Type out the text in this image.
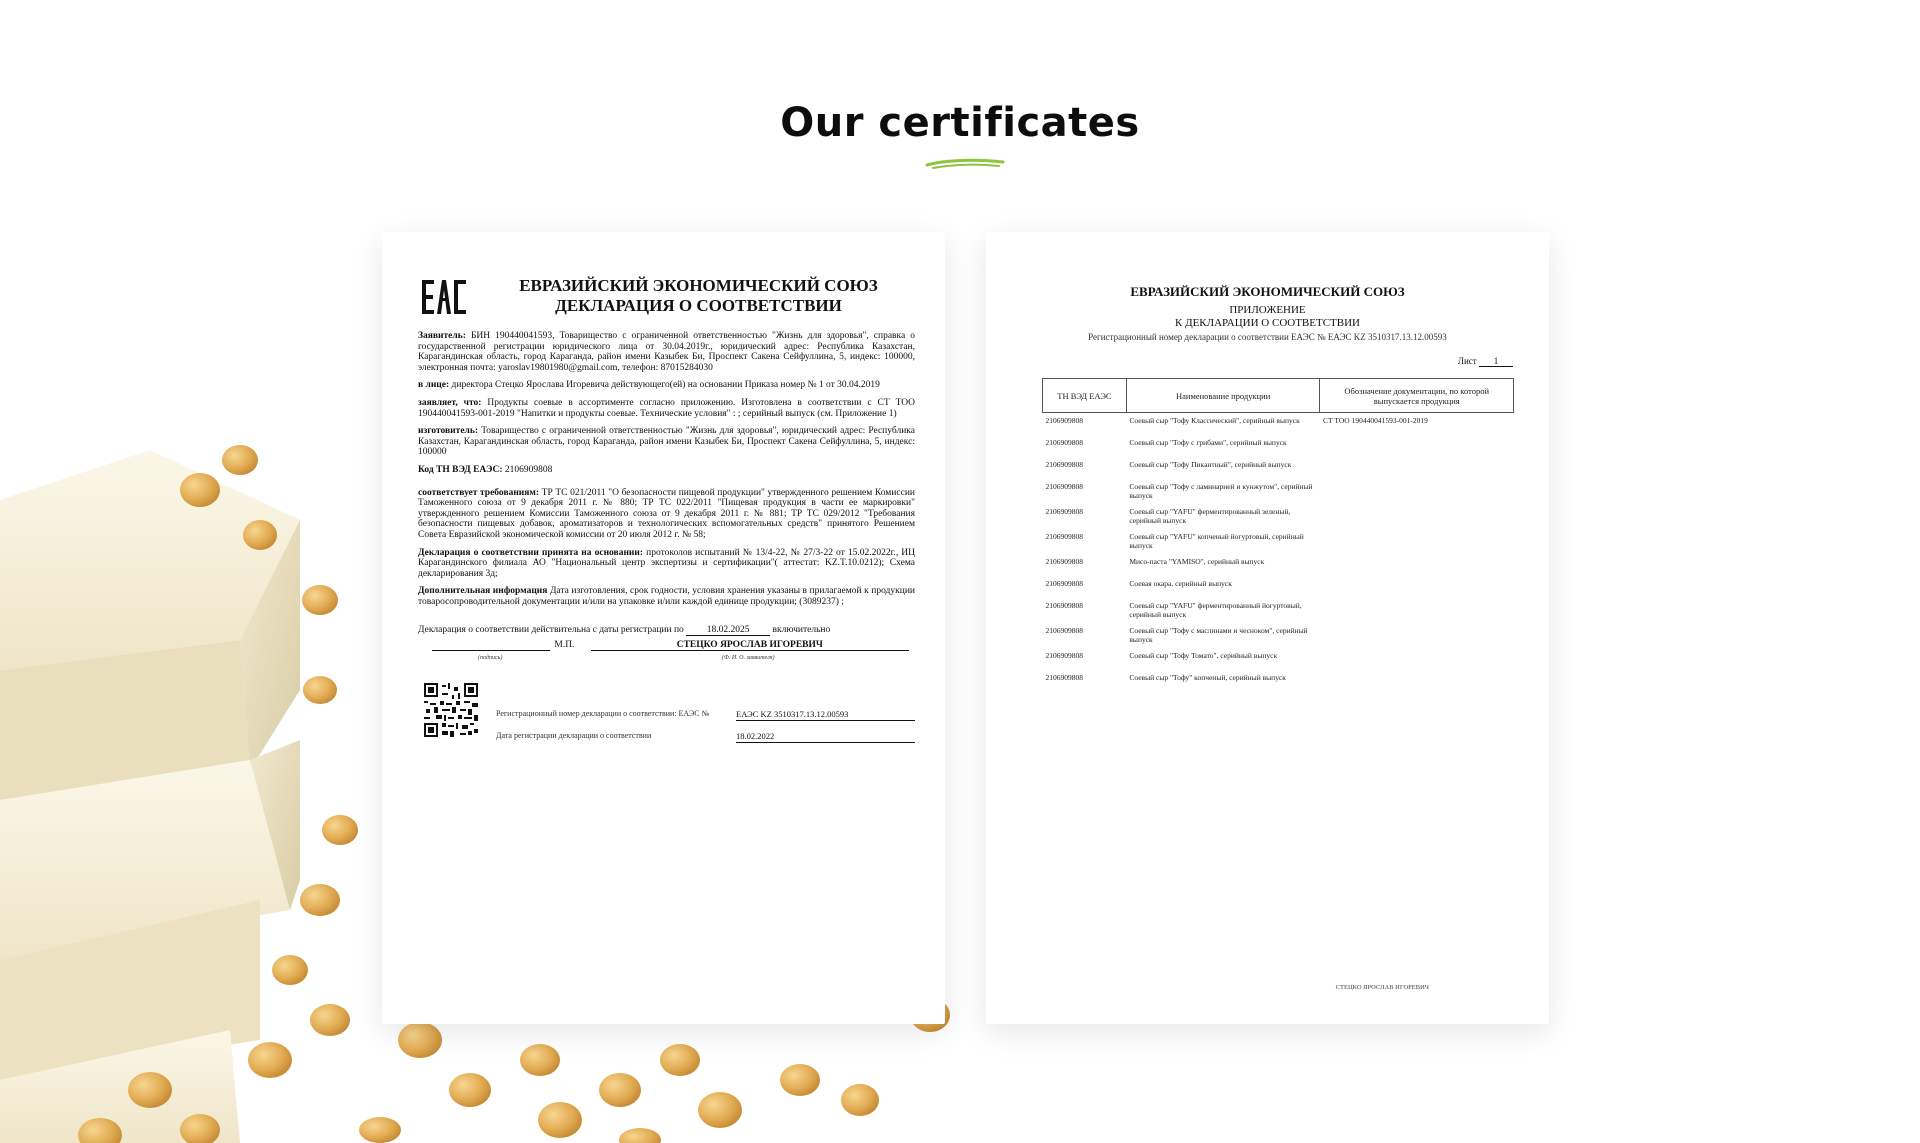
Our certificates
ЕВРАЗИЙСКИЙ ЭКОНОМИЧЕСКИЙ СОЮЗ
ДЕКЛАРАЦИЯ О СООТВЕТСТВИИ

Заявитель: БИН 190440041593, Товарищество с ограниченной ответственностью "Жизнь для здоровья", справка о государственной регистрации юридического лица от 30.04.2019г., юридический адрес: Республика Казахстан, Карагандинская область, город Караганда, район имени Казыбек Би, Проспект Сакена Сейфуллина, 5, индекс: 100000, электронная почта: yaroslav19801980@gmail.com, телефон: 87015284030

в лице: директора Стецко Ярослава Игоревича действующего(ей) на основании Приказа номер № 1 от 30.04.2019

заявляет, что: Продукты соевые в ассортименте согласно приложению. Изготовлена в соответствии с СТ ТОО 190440041593-001-2019 "Напитки и продукты соевые. Технические условия" : ; серийный выпуск (см. Приложение 1)

изготовитель: Товарищество с ограниченной ответственностью "Жизнь для здоровья", юридический адрес: Республика Казахстан, Карагандинская область, город Караганда, район имени Казыбек Би, Проспект Сакена Сейфуллина, 5, индекс: 100000

Код ТН ВЭД ЕАЭС: 2106909808

соответствует требованиям: ТР ТС 021/2011 "О безопасности пищевой продукции" утвержденного решением Комиссии Таможенного союза от 9 декабря 2011 г. № 880; ТР ТС 022/2011 "Пищевая продукция в части ее маркировки" утвержденного решением Комиссии Таможенного союза от 9 декабря 2011 г. № 881; ТР ТС 029/2012 "Требования безопасности пищевых добавок, ароматизаторов и технологических вспомогательных средств" принятого Решением Совета Евразийской экономической комиссии от 20 июля 2012 г. № 58;

Декларация о соответствии принята на основании: протоколов испытаний № 13/4-22, № 27/3-22 от 15.02.2022г., ИЦ Карагандинского филиала АО "Национальный центр экспертизы и сертификации"( аттестат: KZ.T.10.0212); Схема декларирования 3д;

Дополнительная информация Дата изготовления, срок годности, условия хранения указаны в прилагаемой к продукции товаросопроводительной документации и/или на упаковке и/или каждой единице продукции; (3089237) ;

Декларация о соответствии действительна с даты регистрации по 18.02.2025 включительно
М.П.	СТЕЦКО ЯРОСЛАВ ИГОРЕВИЧ
(подпись)	(Ф. И. О. заявителя)
Регистрационный номер декларации о соответствии: ЕАЭС №	ЕАЭС KZ 3510317.13.12.00593
Дата регистрации декларации о соответствии	18.02.2022
ЕВРАЗИЙСКИЙ ЭКОНОМИЧЕСКИЙ СОЮЗ
ПРИЛОЖЕНИЕ
К ДЕКЛАРАЦИИ О СООТВЕТСТВИИ
Регистрационный номер декларации о соответствии ЕАЭС № ЕАЭС KZ 3510317.13.12.00593
Лист 1
ТН ВЭД ЕАЭС	Наименование продукции	Обозначение документации, по которой выпускается продукция
2106909808	Соевый сыр "Тофу Классический", серийный выпуск	СТ ТОО 190440041593-001-2019
2106909808	Соевый сыр "Тофу с грибами", серийный выпуск	
2106909808	Соевый сыр "Тофу Пикантный", серийный выпуск	
2106909808	Соевый сыр "Тофу с ламинарией и кунжутом", серийный выпуск	
2106909808	Соевый сыр "YAFU" ферментированный зеленый, серийный выпуск	
2106909808	Соевый сыр "YAFU" копченый йогуртовый, серийный выпуск	
2106909808	Мисо-паста "YAMISO", серийный выпуск	
2106909808	Соевая окара, серийный выпуск	
2106909808	Соевый сыр "YAFU" ферментированный йогуртовый, серийный выпуск	
2106909808	Соевый сыр "Тофу с маслинами и чесноком", серийный выпуск	
2106909808	Соевый сыр "Тофу Томато", серийный выпуск	
2106909808	Соевый сыр "Тофу" копченый, серийный выпуск	
СТЕЦКО ЯРОСЛАВ ИГОРЕВИЧ
